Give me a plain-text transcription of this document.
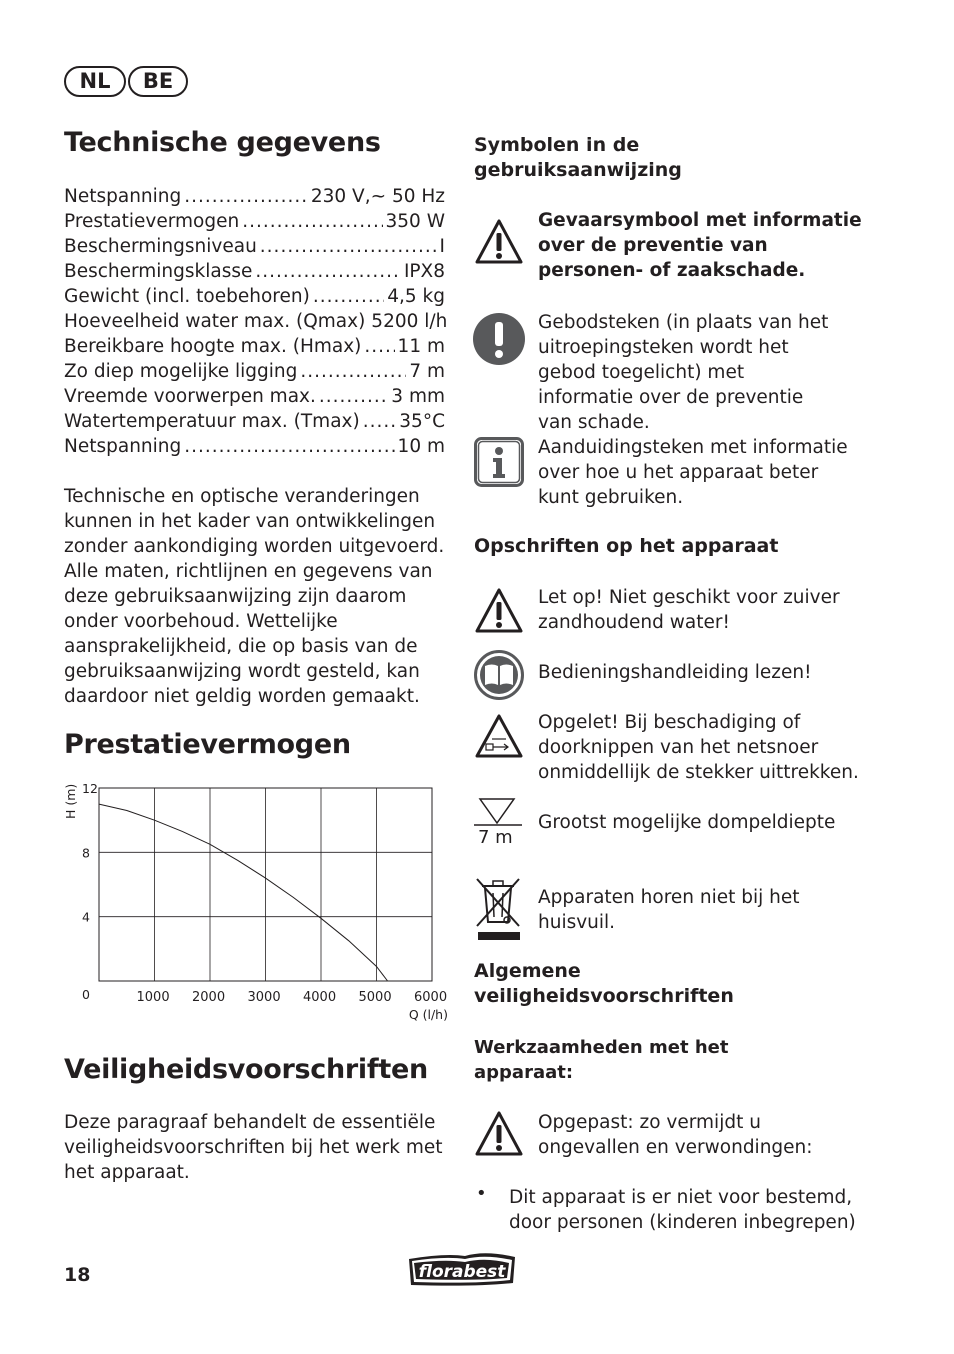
NL	BE
Technische gegevens
Netspanning .....	230 V,~ 50 Hz
Prestatievermogen .....	350 W
Beschermingsniveau .....	I
Beschermingsklasse .....	IPX8
Gewicht (incl. toebehoren) .....	4,5 kg
Hoeveelheid water max. (Qmax) 5200 l/h
Bereikbare hoogte max. (Hmax) ..... 11 m
Zo diep mogelijke ligging .....	7 m
Vreemde voorwerpen max. .....	3 mm
Watertemperatuur max. (Tmax) ..... 35°C
Netspanning .....	10 m

Technische en optische veranderingen kunnen in het kader van ontwikkelingen zonder aankondiging worden uitgevoerd. Alle maten, richtlijnen en gegevens van deze gebruiksaanwijzing zijn daarom onder voorbehoud. Wettelijke aansprakelijkheid, die op basis van de gebruiksaanwijzing wordt gesteld, kan daardoor niet geldig worden gemaakt.

Prestatievermogen
1000 2000 3000 4000 5000 6000
12
8
4
0
H (m)
Q (l/h)
Veiligheidsvoorschriften

Deze paragraaf behandelt de essentiële veiligheidsvoorschriften bij het werk met het apparaat.

18	florabest
Symbolen in de gebruiksaanwijzing

Gevaarsymbool met informatie over de preventie van personen- of zaakschade.

Gebodsteken (in plaats van het uitroepingsteken wordt het gebod toegelicht) met informatie over de preventie van schade.

Aanduidingsteken met informatie over hoe u het apparaat beter kunt gebruiken.

Opschriften op het apparaat

Let op! Niet geschikt voor zuiver zandhoudend water!

Bedieningshandleiding lezen!

Opgelet! Bij beschadiging of doorknippen van het netsnoer onmiddellijk de stekker uittrekken.

7 m

Grootst mogelijke dompeldiepte

Apparaten horen niet bij het huisvuil.

Algemene veiligheidsvoorschriften
Werkzaamheden met het apparaat:

Opgepast: zo vermijdt u ongevallen en verwondingen:

• Dit apparaat is er niet voor bestemd, door personen (kinderen inbegrepen)
